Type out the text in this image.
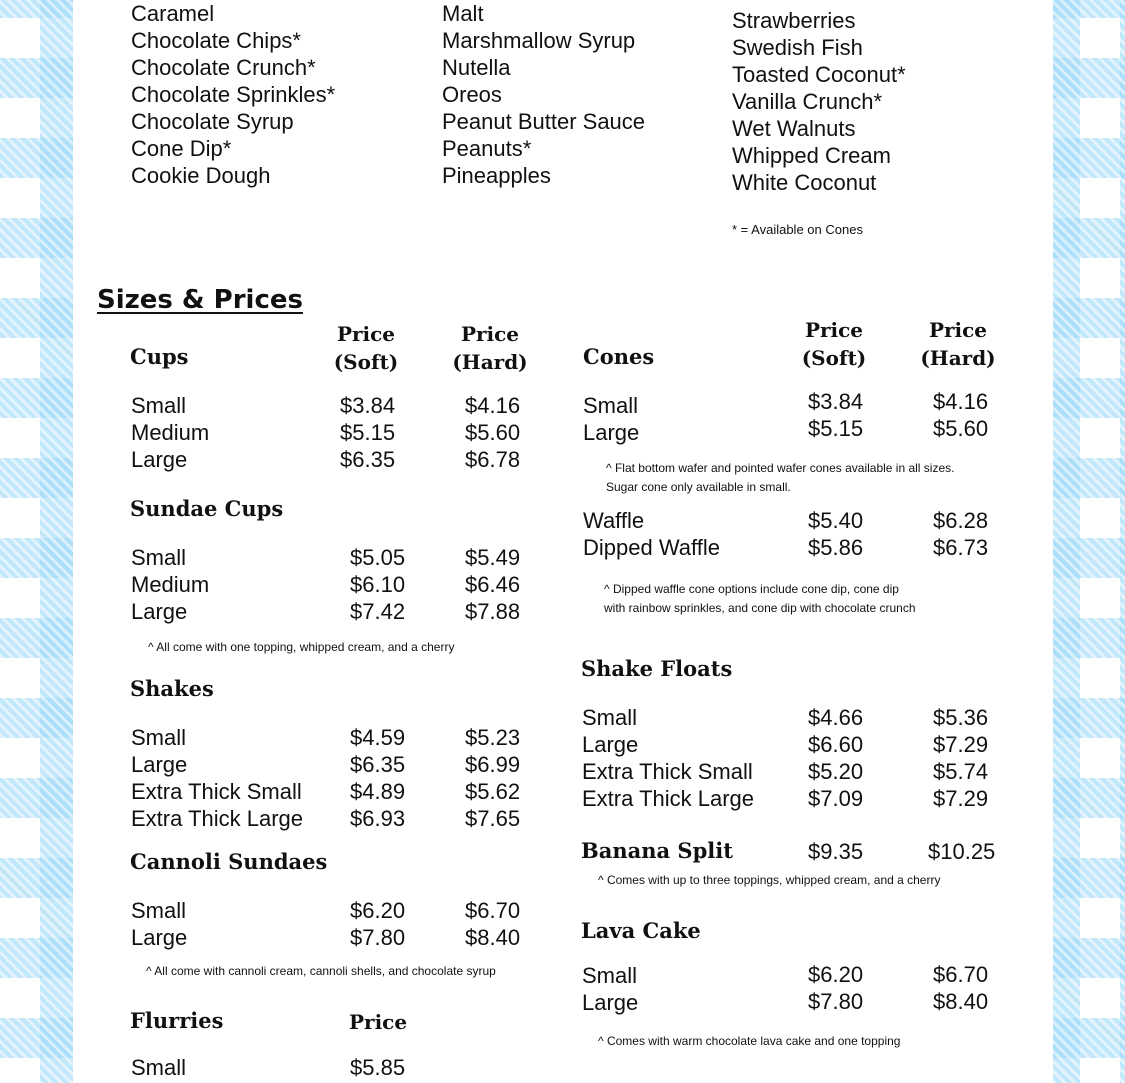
Caramel
Chocolate Chips*
Chocolate Crunch*
Chocolate Sprinkles*
Chocolate Syrup
Cone Dip*
Cookie Dough
Malt
Marshmallow Syrup
Nutella
Oreos
Peanut Butter Sauce
Peanuts*
Pineapples
Strawberries
Swedish Fish
Toasted Coconut*
Vanilla Crunch*
Wet Walnuts
Whipped Cream
White Coconut
* = Available on Cones
Sizes & Prices
Cups
Price
(Soft)
Price
(Hard)
Small	$3.84	$4.16
Medium	$5.15	$5.60
Large	$6.35	$6.78
Sundae Cups
Small	$5.05	$5.49
Medium	$6.10	$6.46
Large	$7.42	$7.88
^ All come with one topping, whipped cream, and a cherry
Shakes
Small	$4.59	$5.23
Large	$6.35	$6.99
Extra Thick Small $4.89	$5.62
Extra Thick Large $6.93	$7.65
Cannoli Sundaes
Small	$6.20	$6.70
Large	$7.80	$8.40
^ All come with cannoli cream, cannoli shells, and chocolate syrup
Flurries	Price
Small	$5.85
Cones
Price
(Soft)
Price
(Hard)
Small	$3.84	$4.16
Large	$5.15	$5.60
^ Flat bottom wafer and pointed wafer cones available in all sizes.
Sugar cone only available in small.
Waffle	$5.40	$6.28
Dipped Waffle	$5.86	$6.73
^ Dipped waffle cone options include cone dip, cone dip
with rainbow sprinkles, and cone dip with chocolate crunch
Shake Floats
Small	$4.66	$5.36
Large	$6.60	$7.29
Extra Thick Small	$5.20	$5.74
Extra Thick Large $7.09	$7.29
Banana Split	$9.35	$10.25
^ Comes with up to three toppings, whipped cream, and a cherry
Lava Cake
Small	$6.20	$6.70
Large	$7.80	$8.40
^ Comes with warm chocolate lava cake and one topping
